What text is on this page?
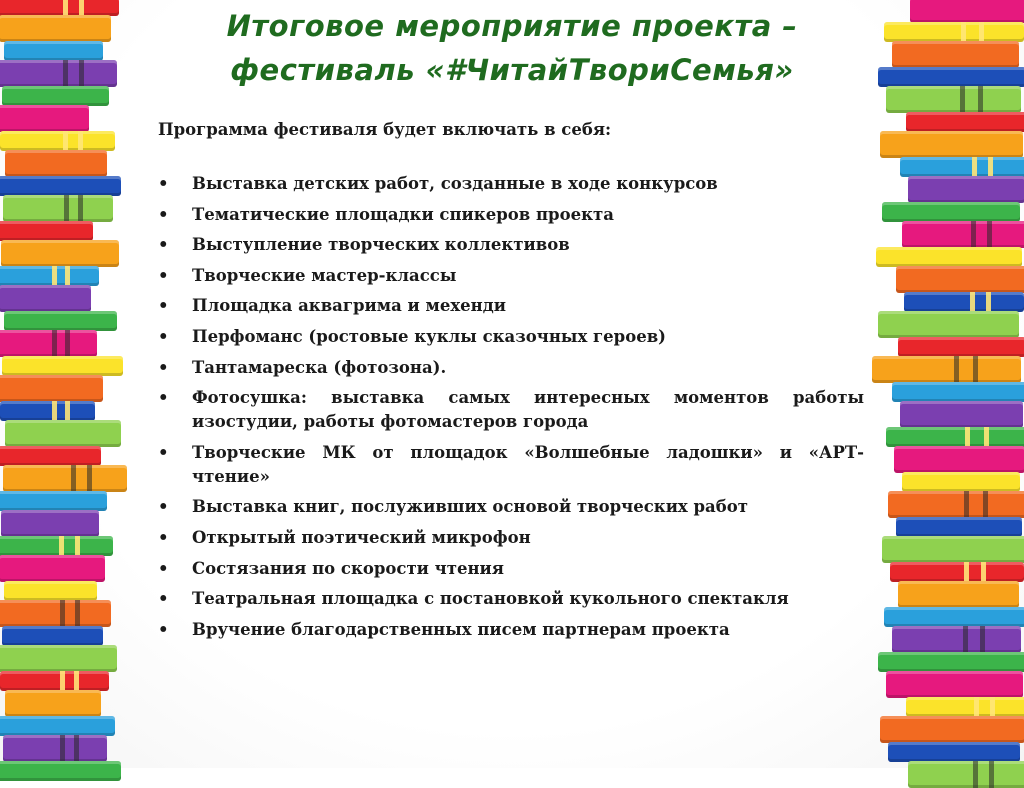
Итоговое мероприятие проекта – фестиваль «#ЧитайТвориСемья»
Программа фестиваля будет включать в себя:
• Выставка детских работ, созданные в ходе конкурсов
• Тематические площадки спикеров проекта
• Выступление творческих коллективов
• Творческие мастер-классы
• Площадка аквагрима и мехенди
• Перфоманс (ростовые куклы сказочных героев)
• Тантамареска (фотозона).
• Фотосушка: выставка самых интересных моментов работы изостудии, работы фотомастеров города
• Творческие МК от площадок «Волшебные ладошки» и «АРТ-чтение»
• Выставка книг, послуживших основой творческих работ
• Открытый поэтический микрофон
• Состязания по скорости чтения
• Театральная площадка с постановкой кукольного спектакля
• Вручение благодарственных писем партнерам проекта
